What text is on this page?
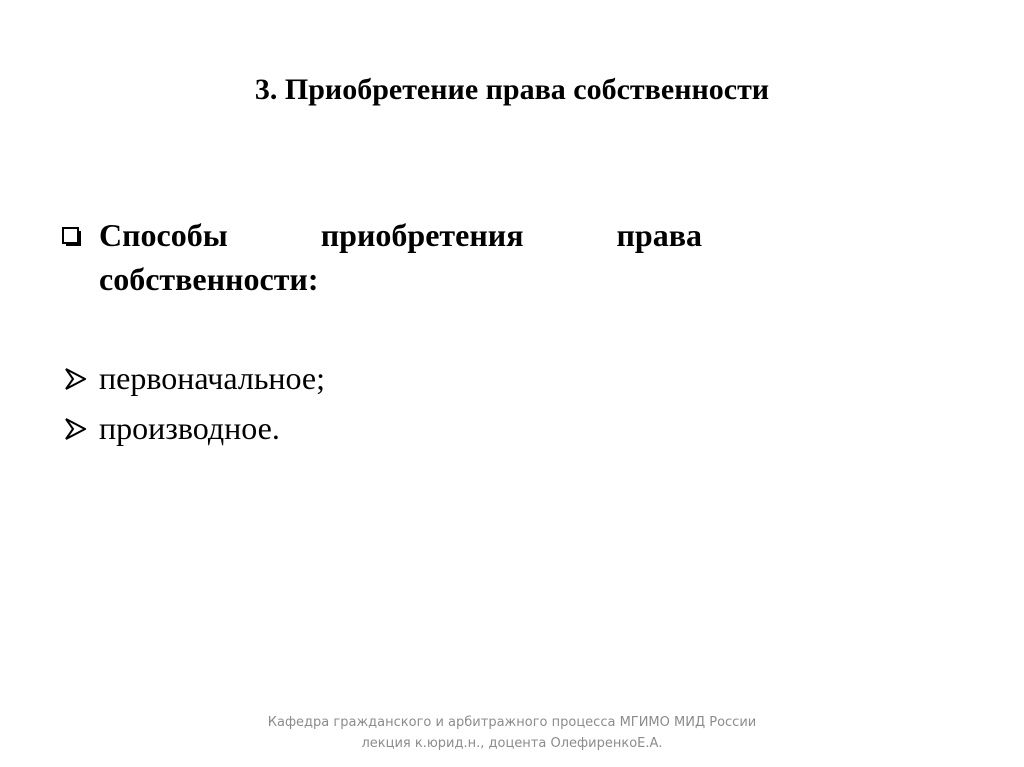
3. Приобретение права собственности
Способы	приобретения	права
собственности:
первоначальное;
производное.
Кафедра гражданского и арбитражного процесса МГИМО МИД России
лекция к.юрид.н., доцента ОлефиренкоЕ.А.
